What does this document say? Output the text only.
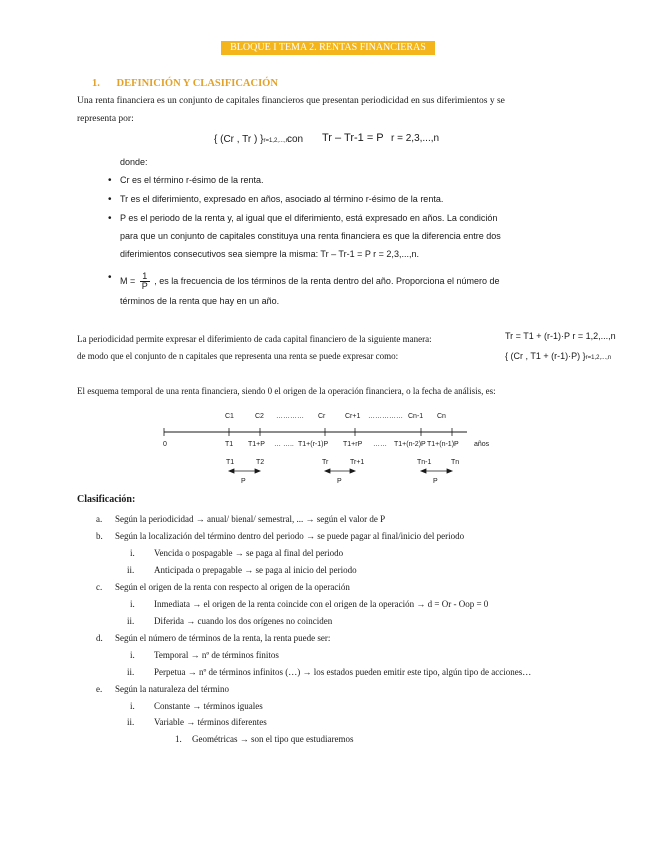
BLOQUE I TEMA 2. RENTAS FINANCIERAS
1. DEFINICIÓN Y CLASIFICACIÓN
Una renta financiera es un conjunto de capitales financieros que presentan periodicidad en sus diferimientos y se
representa por:
{ (Cr , Tr ) }r=1,2,...,n
con Tr – Tr-1 = P r = 2,3,...,n
donde:
• Cr es el término r-ésimo de la renta.
• Tr es el diferimiento, expresado en años, asociado al término r-ésimo de la renta.
• P es el periodo de la renta y, al igual que el diferimiento, está expresado en años. La condición
para que un conjunto de capitales constituya una renta financiera es que la diferencia entre dos
diferimientos consecutivos sea siempre la misma: Tr – Tr-1 = P r = 2,3,...,n.
• $M = \frac{1}{P}$ , es la frecuencia de los términos de la renta dentro del año. Proporciona el número de
términos de la renta que hay en un año.
La periodicidad permite expresar el diferimiento de cada capital financiero de la siguiente manera:
de modo que el conjunto de n capitales que representa una renta se puede expresar como:
Tr = T1 + (r-1)·P r = 1,2,...,n
{ (Cr , T1 + (r-1)·P) }r=1,2,...,n
El esquema temporal de una renta financiera, siendo 0 el origen de la operación financiera, o la fecha de análisis, es:
C1	C2 ………… Cr	Cr+1 …………… Cn-1 Cn
0	T1 T1+P … ….. T1+(r-1)P T1+rP …… T1+(n-2)P T1+(n-1)P años
T1	T2
P
Tr	Tr+1
P
Tn-1	Tn
P
Clasificación:
a. Según la periodicidad → anual/ bienal/ semestral, ... → según el valor de P
b. Según la localización del término dentro del periodo → se puede pagar al final/inicio del periodo
i. Vencida o pospagable → se paga al final del periodo
ii. Anticipada o prepagable → se paga al inicio del periodo
c. Según el origen de la renta con respecto al origen de la operación
i. Inmediata → el origen de la renta coincide con el origen de la operación → d = Or - Oop = 0
ii. Diferida → cuando los dos orígenes no coinciden
d. Según el número de términos de la renta, la renta puede ser:
i. Temporal → nº de términos finitos
ii. Perpetua → nº de términos infinitos (…) → los estados pueden emitir este tipo, algún tipo de acciones…
e. Según la naturaleza del término
i. Constante → términos iguales
ii. Variable → términos diferentes
1. Geométricas → son el tipo que estudiaremos
